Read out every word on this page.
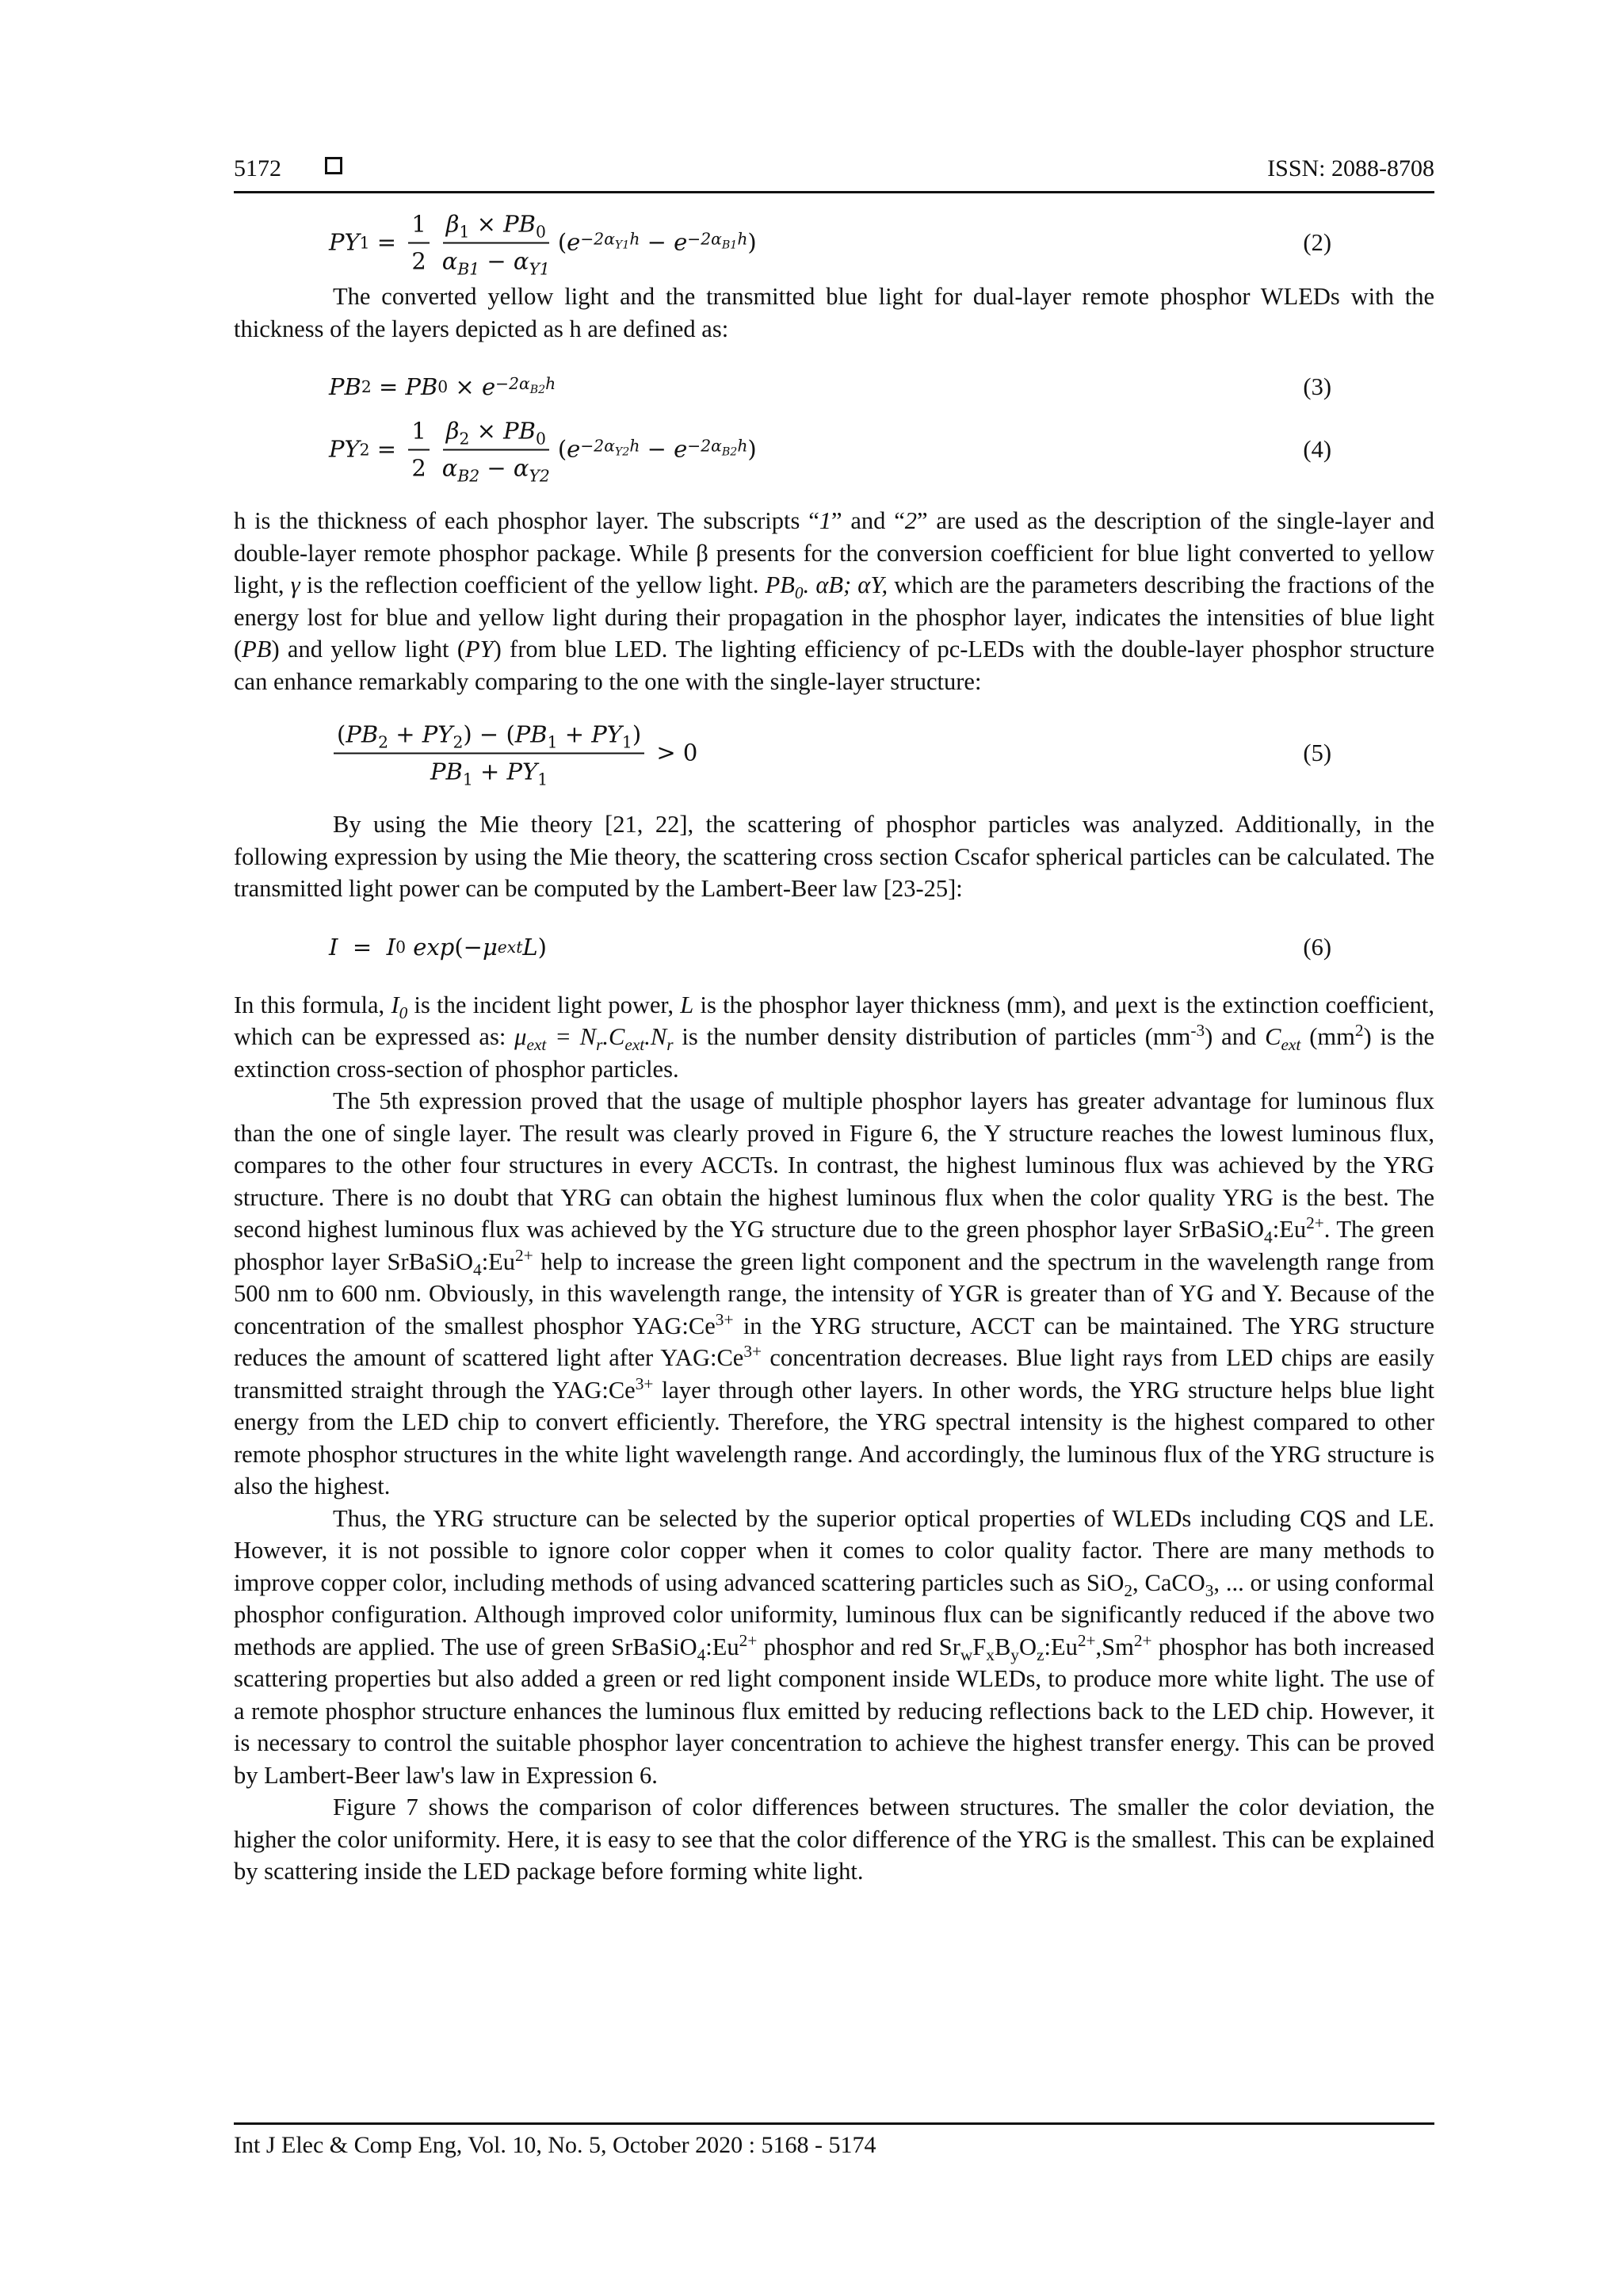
5172	ISSN: 2088-8708
PY $1 = \frac{1}{2} \frac{\beta_1 \times PB_0}{\alpha_{B1} - \alpha_{Y1}}$ ( $e -2\alpha_{Y1}h - e -2\alpha_{B1}h$ )	(2)

The converted yellow light and the transmitted blue light for dual-layer remote phosphor WLEDs with the thickness of the layers depicted as h are defined as:

PB 2 = PB $0 \times e -2\alpha_{B2}h$	(3)
PY $2 = \frac{1}{2} \frac{\beta_2 \times PB_0}{\alpha_{B2} - \alpha_{Y2}}$ ( $e -2\alpha_{Y2}h - e -2\alpha_{B2}h$ )	(4)

h is the thickness of each phosphor layer. The subscripts “1” and “2” are used as the description of the single-layer and double-layer remote phosphor package. While β presents for the conversion coefficient for blue light converted to yellow light, γ is the reflection coefficient of the yellow light. $PB_0$. αB; αY, which are the parameters describing the fractions of the energy lost for blue and yellow light during their propagation in the phosphor layer, indicates the intensities of blue light (PB) and yellow light (PY) from blue LED. The lighting efficiency of pc-LEDs with the double-layer phosphor structure can enhance remarkably comparing to the one with the single-layer structure:

$\frac{(PB_2 + PY_2) - (PB_1 + PY_1)}{PB_1 + PY_1}$
> 0	(5)

By using the Mie theory [21, 22], the scattering of phosphor particles was analyzed. Additionally, in the following expression by using the Mie theory, the scattering cross section Cscafor spherical particles can be calculated. The transmitted light power can be computed by the Lambert-Beer law [23-25]:

I  =  I 0 exp ( −μ ext L )	(6)

In this formula, $I_0$ is the incident light power, L is the phosphor layer thickness (mm), and μext is the extinction coefficient, which can be expressed as: $\mu_{ext} = N_r.C_{ext}.N_r$ is the number density distribution of particles $(mm^{-3})$ and $C_{ext}$ $(mm^2)$ is the extinction cross-section of phosphor particles.

The 5th expression proved that the usage of multiple phosphor layers has greater advantage for luminous flux than the one of single layer. The result was clearly proved in Figure 6, the Y structure reaches the lowest luminous flux, compares to the other four structures in every ACCTs. In contrast, the highest luminous flux was achieved by the YRG structure. There is no doubt that YRG can obtain the highest luminous flux when the color quality YRG is the best. The second highest luminous flux was achieved by the YG structure due to the green phosphor layer $SrBaSiO_4:Eu^{2+}$. The green phosphor layer $SrBaSiO_4:Eu^{2+}$ help to increase the green light component and the spectrum in the wavelength range from 500 nm to 600 nm. Obviously, in this wavelength range, the intensity of YGR is greater than of YG and Y. Because of the concentration of the smallest phosphor $YAG:Ce^{3+}$ in the YRG structure, ACCT can be maintained. The YRG structure reduces the amount of scattered light after $YAG:Ce^{3+}$ concentration decreases. Blue light rays from LED chips are easily transmitted straight through the $YAG:Ce^{3+}$ layer through other layers. In other words, the YRG structure helps blue light energy from the LED chip to convert efficiently. Therefore, the YRG spectral intensity is the highest compared to other remote phosphor structures in the white light wavelength range. And accordingly, the luminous flux of the YRG structure is also the highest.

Thus, the YRG structure can be selected by the superior optical properties of WLEDs including CQS and LE. However, it is not possible to ignore color copper when it comes to color quality factor. There are many methods to improve copper color, including methods of using advanced scattering particles such as SiO$_2$, CaCO$_3$, ... or using conformal phosphor configuration. Although improved color uniformity, luminous flux can be significantly reduced if the above two methods are applied. The use of green $SrBaSiO_4:Eu^{2+}$ phosphor and red $Sr_wF_xB_yO_z:Eu^{2+},Sm^{2+}$ phosphor has both increased scattering properties but also added a green or red light component inside WLEDs, to produce more white light. The use of a remote phosphor structure enhances the luminous flux emitted by reducing reflections back to the LED chip. However, it is necessary to control the suitable phosphor layer concentration to achieve the highest transfer energy. This can be proved by Lambert-Beer law's law in Expression 6.

Figure 7 shows the comparison of color differences between structures. The smaller the color deviation, the higher the color uniformity. Here, it is easy to see that the color difference of the YRG is the smallest. This can be explained by scattering inside the LED package before forming white light.

Int J Elec & Comp Eng, Vol. 10, No. 5, October 2020 : 5168 - 5174
